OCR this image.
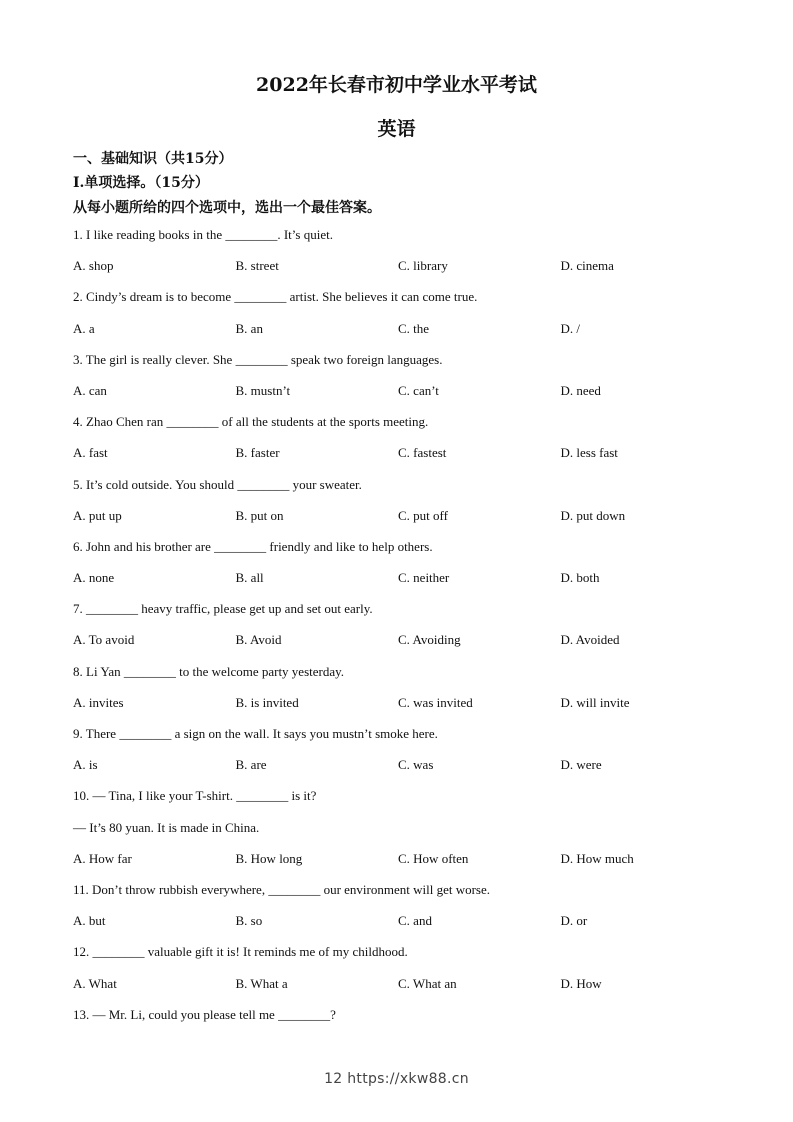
2022年长春市初中学业水平考试
英语
一、基础知识（共15分）
Ⅰ.单项选择。（15分）
从每小题所给的四个选项中，选出一个最佳答案。
1. I like reading books in the ________. It’s quiet.
A. shop	B. street	C. library	D. cinema
2. Cindy’s dream is to become ________ artist. She believes it can come true.
A. a	B. an	C. the	D. /
3. The girl is really clever. She ________ speak two foreign languages.
A. can	B. mustn’t	C. can’t	D. need
4. Zhao Chen ran ________ of all the students at the sports meeting.
A. fast	B. faster	C. fastest	D. less fast
5. It’s cold outside. You should ________ your sweater.
A. put up	B. put on	C. put off	D. put down
6. John and his brother are ________ friendly and like to help others.
A. none	B. all	C. neither	D. both
7. ________ heavy traffic, please get up and set out early.
A. To avoid	B. Avoid	C. Avoiding	D. Avoided
8. Li Yan ________ to the welcome party yesterday.
A. invites	B. is invited	C. was invited	D. will invite
9. There ________ a sign on the wall. It says you mustn’t smoke here.
A. is	B. are	C. was	D. were
10. — Tina, I like your T-shirt. ________ is it?
— It’s 80 yuan. It is made in China.
A. How far	B. How long	C. How often	D. How much
11. Don’t throw rubbish everywhere, ________ our environment will get worse.
A. but	B. so	C. and	D. or
12. ________ valuable gift it is! It reminds me of my childhood.
A. What	B. What a	C. What an	D. How
13. — Mr. Li, could you please tell me ________?
12 https://xkw88.cn
